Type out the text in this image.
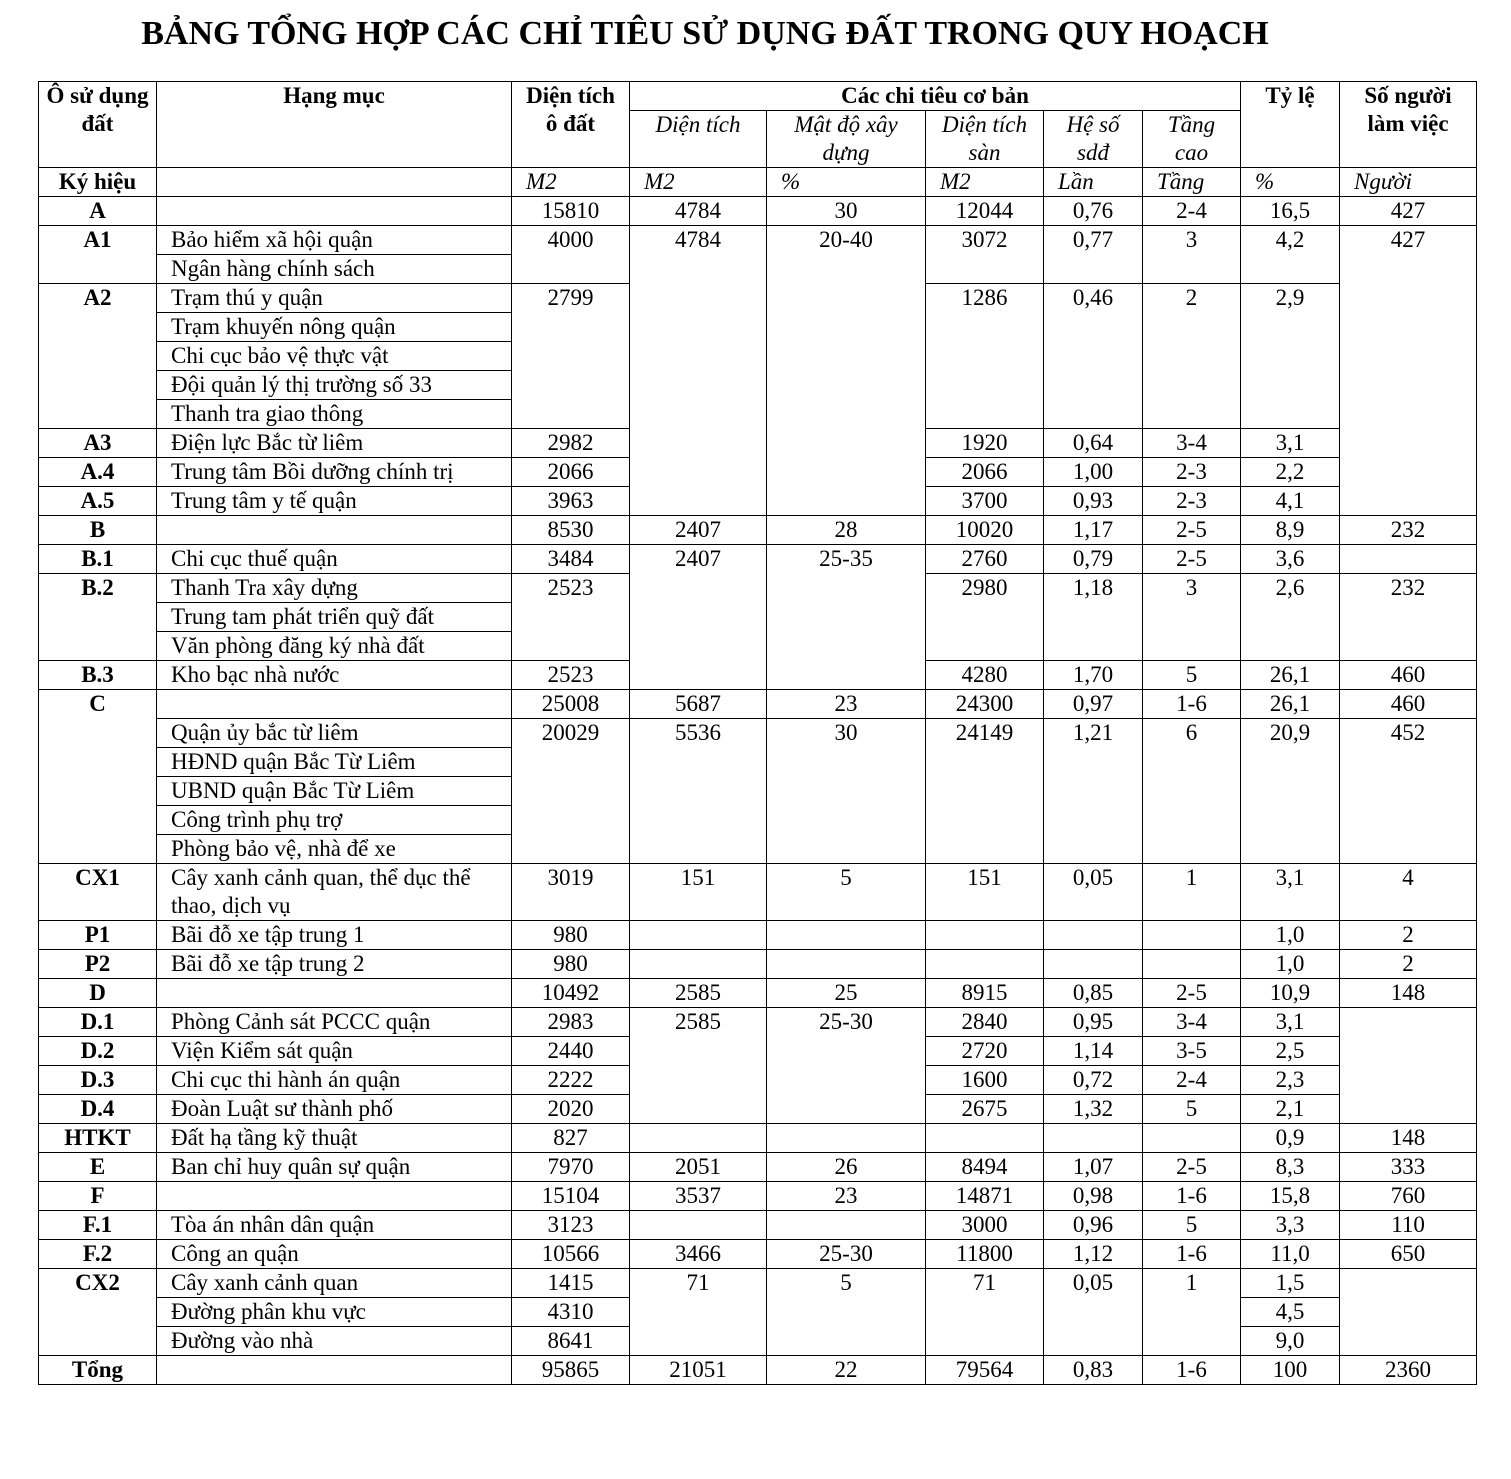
BẢNG TỔNG HỢP CÁC CHỈ TIÊU SỬ DỤNG ĐẤT TRONG QUY HOẠCH
Ô sử dụng đất	Hạng mục	Diện tích ô đất	Các chi tiêu cơ bản					Tỷ lệ	Số người làm việc
			Diện tích	Mật độ xây dựng	Diện tích sàn	Hệ số sdđ	Tầng cao		

Ký hiệu		M2	M2	%	M2	Lần	Tầng	%	Người
A		15810	4784	30	12044	0,76	2-4	16,5	427
A1	Bảo hiểm xã hội quận	4000	4784	20-40	3072	0,77	3	4,2	427
	Ngân hàng chính sách								
A2	Trạm thú y quận	2799			1286	0,46	2	2,9	
	Trạm khuyến nông quận								
	Chi cục bảo vệ thực vật								
	Đội quản lý thị trường số 33								
	Thanh tra giao thông								
A3	Điện lực Bắc từ liêm	2982			1920	0,64	3-4	3,1	
A.4	Trung tâm Bồi dưỡng chính trị	2066			2066	1,00	2-3	2,2	
A.5	Trung tâm y tế quận	3963			3700	0,93	2-3	4,1	
B		8530	2407	28	10020	1,17	2-5	8,9	232
B.1	Chi cục thuế quận	3484	2407	25-35	2760	0,79	2-5	3,6	
B.2	Thanh Tra xây dựng	2523			2980	1,18	3	2,6	232
	Trung tam phát triển quỹ đất								
	Văn phòng đăng ký nhà đất								
B.3	Kho bạc nhà nước	2523			4280	1,70	5	26,1	460
C		25008	5687	23	24300	0,97	1-6	26,1	460
	Quận ủy bắc từ liêm	20029	5536	30	24149	1,21	6	20,9	452
	HĐND quận Bắc Từ Liêm								
	UBND quận Bắc Từ Liêm								
	Công trình phụ trợ								
	Phòng bảo vệ, nhà để xe								
CX1	Cây xanh cảnh quan, thể dục thể thao, dịch vụ	3019	151	5	151	0,05	1	3,1	4
P1	Bãi đỗ xe tập trung 1	980						1,0	2
P2	Bãi đỗ xe tập trung 2	980						1,0	2
D		10492	2585	25	8915	0,85	2-5	10,9	148
D.1	Phòng Cảnh sát PCCC quận	2983	2585	25-30	2840	0,95	3-4	3,1	
D.2	Viện Kiểm sát quận	2440			2720	1,14	3-5	2,5	
D.3	Chi cục thi hành án quận	2222			1600	0,72	2-4	2,3	
D.4	Đoàn Luật sư thành phố	2020			2675	1,32	5	2,1	
HTKT	Đất hạ tầng kỹ thuật	827						0,9	148
E	Ban chỉ huy quân sự quận	7970	2051	26	8494	1,07	2-5	8,3	333
F		15104	3537	23	14871	0,98	1-6	15,8	760
F.1	Tòa án nhân dân quận	3123			3000	0,96	5	3,3	110
F.2	Công an quận	10566	3466	25-30	11800	1,12	1-6	11,0	650
CX2	Cây xanh cảnh quan	1415	71	5	71	0,05	1	1,5	
	Đường phân khu vực	4310						4,5	
	Đường vào nhà	8641						9,0	
Tổng		95865	21051	22	79564	0,83	1-6	100	2360
